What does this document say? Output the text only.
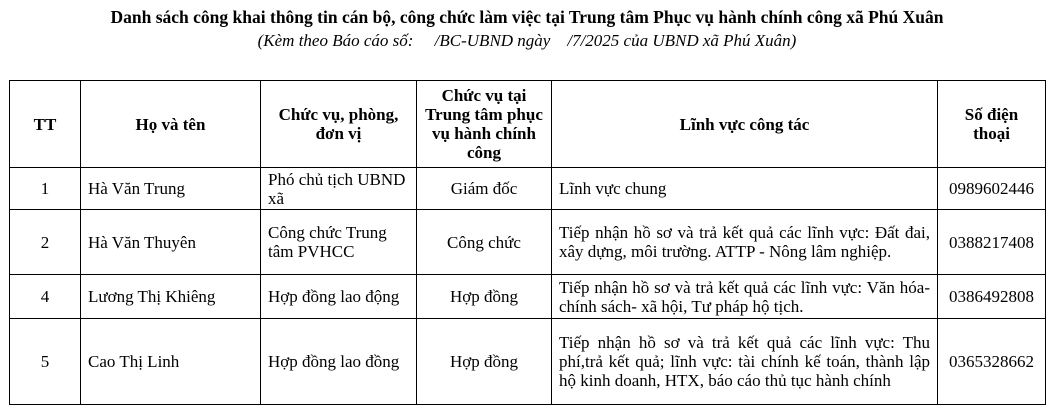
Danh sách công khai thông tin cán bộ, công chức làm việc tại Trung tâm Phục vụ hành chính công xã Phú Xuân
(Kèm theo Báo cáo số:     /BC-UBND ngày    /7/2025 của UBND xã Phú Xuân)
TT	Họ và tên	Chức vụ, phòng, đơn vị	Chức vụ tại Trung tâm phục vụ hành chính công	Lĩnh vực công tác	Số điện thoại
1	Hà Văn Trung	Phó chủ tịch UBND xã	Giám đốc	Lĩnh vực chung	0989602446
2	Hà Văn Thuyên	Công chức Trung tâm PVHCC	Công chức	Tiếp nhận hồ sơ và trả kết quả các lĩnh vực: Đất đai, xây dựng, môi trường. ATTP - Nông lâm nghiệp.	0388217408
4	Lương Thị Khiêng	Hợp đồng lao động	Hợp đồng	Tiếp nhận hồ sơ và trả kết quả các lĩnh vực: Văn hóa- chính sách- xã hội, Tư pháp hộ tịch.	0386492808
5	Cao Thị Linh	Hợp đồng lao đồng	Hợp đồng	Tiếp nhận hồ sơ và trả kết quả các lĩnh vực: Thu phí,trả kết quả; lĩnh vực: tài chính kế toán, thành lập hộ kinh doanh, HTX, báo cáo thủ tục hành chính	0365328662
